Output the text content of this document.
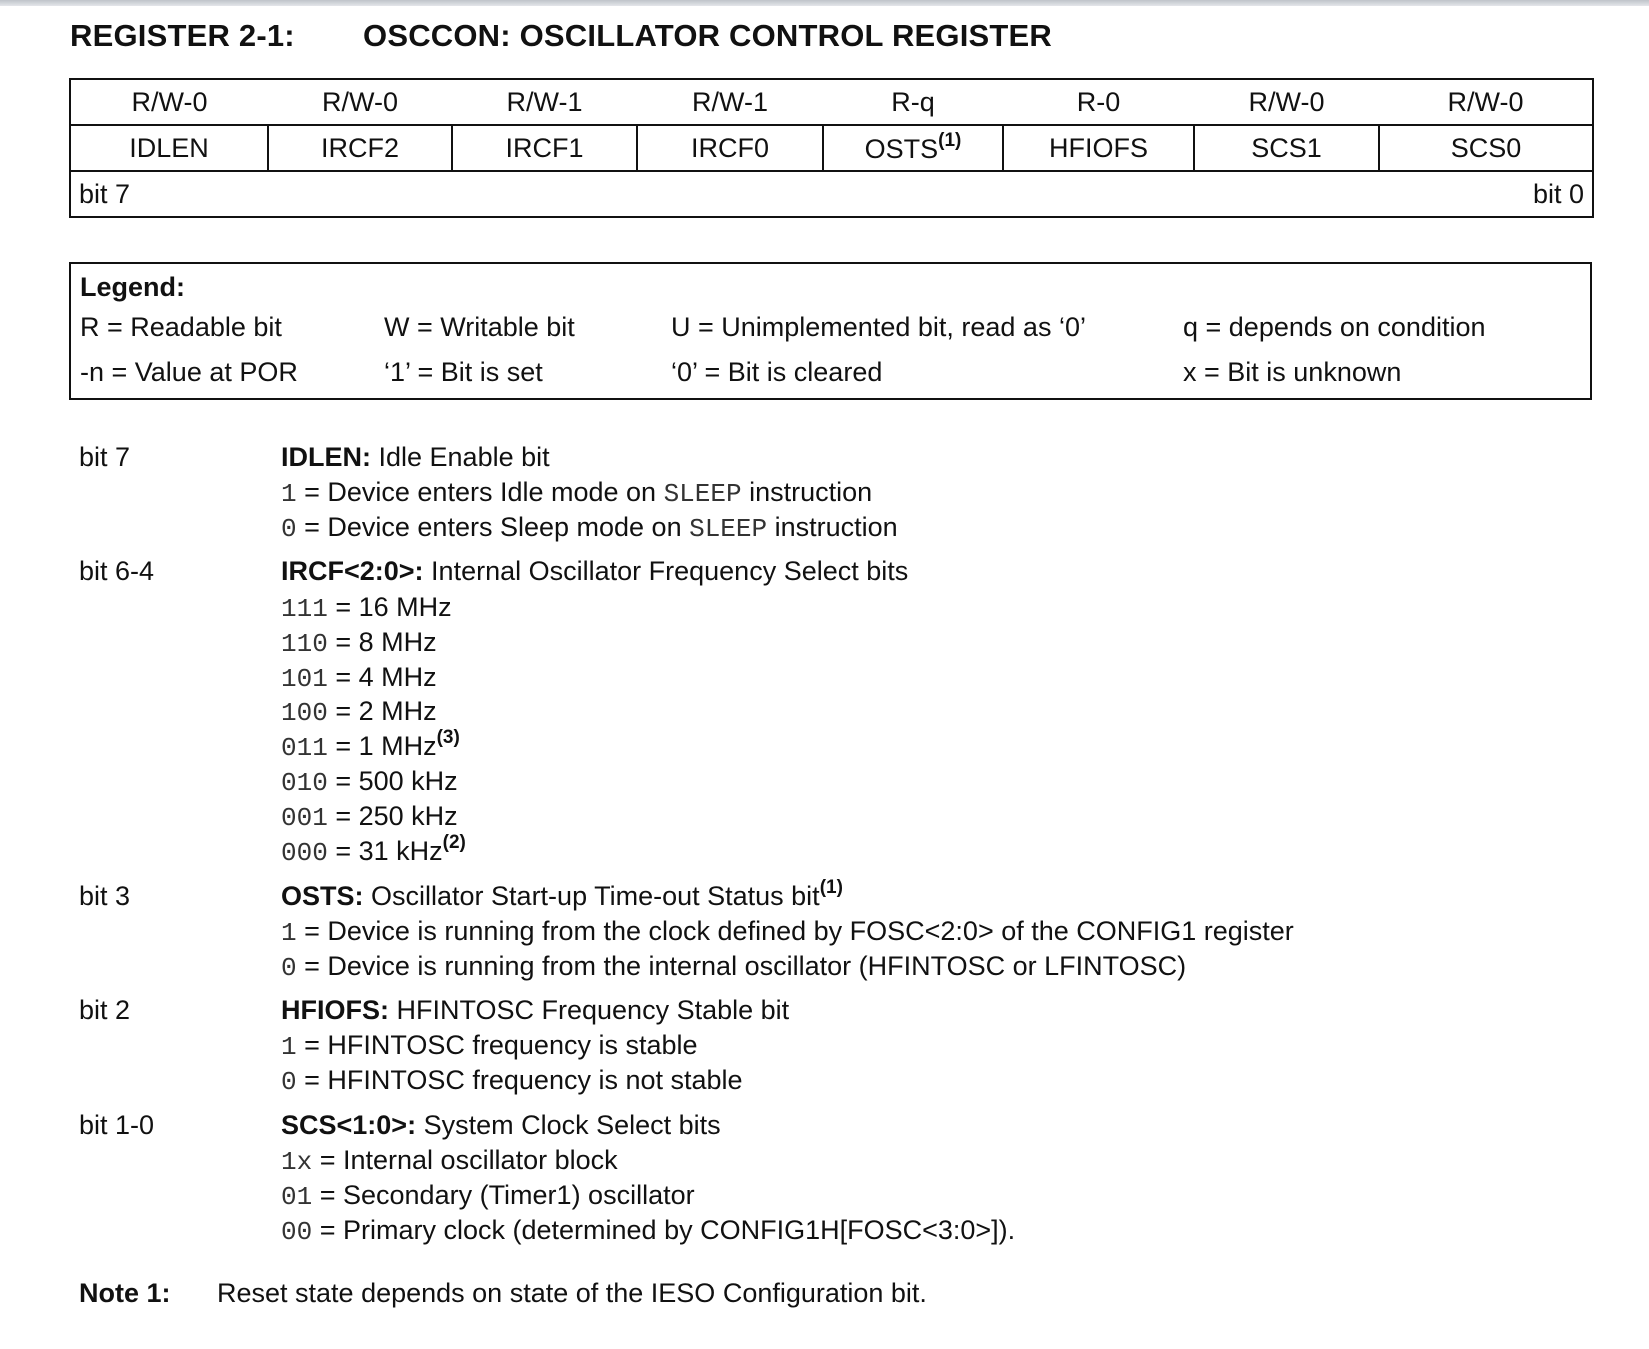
REGISTER 2-1: OSCCON: OSCILLATOR CONTROL REGISTER
R/W-0	R/W-0	R/W-1	R/W-1	R-q	R-0	R/W-0	R/W-0
IDLEN	IRCF2	IRCF1	IRCF0	OSTS$^{(1)}$	HFIOFS	SCS1	SCS0

bit 7 bit 0							
Legend:
R = Readable bit	W = Writable bit	U = Unimplemented bit, read as ‘0’	q = depends on condition
-n = Value at POR	‘1’ = Bit is set	‘0’ = Bit is cleared	x = Bit is unknown
bit 7	IDLEN: Idle Enable bit
1 = Device enters Idle mode on SLEEP instruction
0 = Device enters Sleep mode on SLEEP instruction
bit 6-4	IRCF<2:0>: Internal Oscillator Frequency Select bits
111 = 16 MHz
110 = 8 MHz
101 = 4 MHz
100 = 2 MHz
011 = 1 MHz$^{(3)}$
010 = 500 kHz
001 = 250 kHz
000 = 31 kHz$^{(2)}$
bit 3	OSTS: Oscillator Start-up Time-out Status bit$^{(1)}$
1 = Device is running from the clock defined by FOSC<2:0> of the CONFIG1 register
0 = Device is running from the internal oscillator (HFINTOSC or LFINTOSC)
bit 2	HFIOFS: HFINTOSC Frequency Stable bit
1 = HFINTOSC frequency is stable
0 = HFINTOSC frequency is not stable
bit 1-0	SCS<1:0>: System Clock Select bits
1x = Internal oscillator block
01 = Secondary (Timer1) oscillator
00 = Primary clock (determined by CONFIG1H[FOSC<3:0>]).
Note 1: Reset state depends on state of the IESO Configuration bit.
